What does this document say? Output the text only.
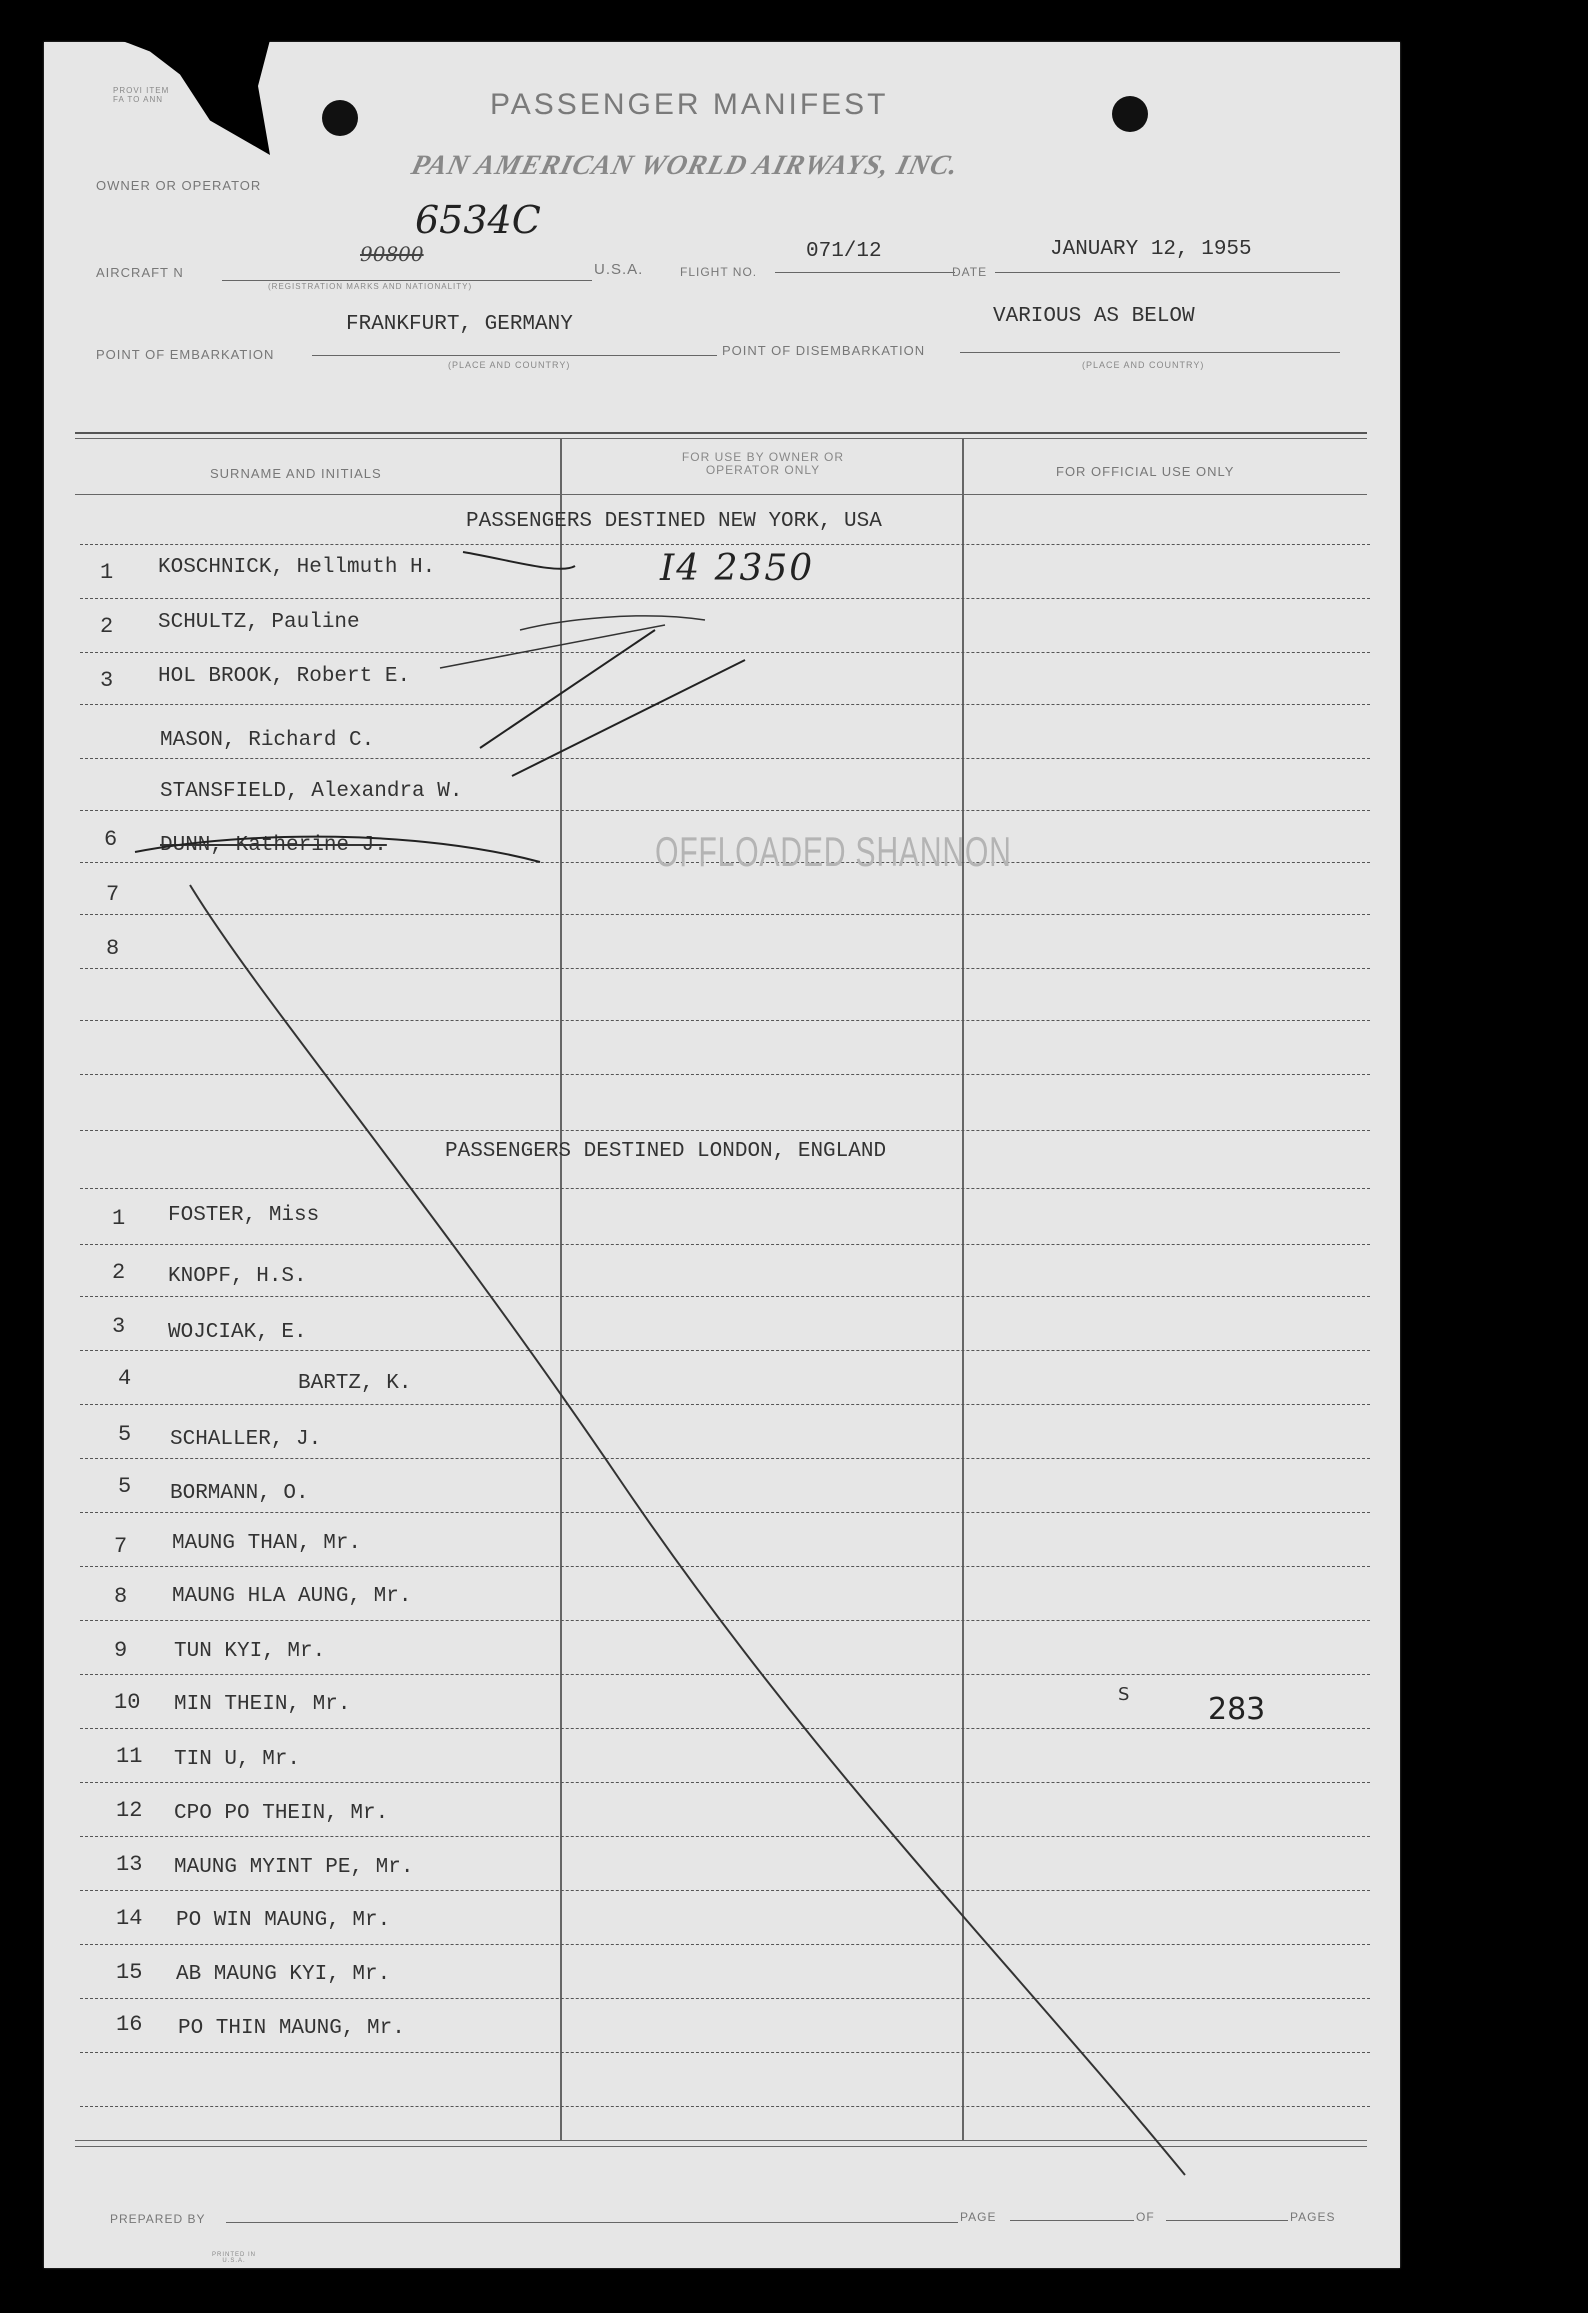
PROVI ITEM FA TO ANN	PASSENGER MANIFEST
PAN AMERICAN WORLD AIRWAYS, INC.
OWNER OR OPERATOR
AIRCRAFT N
6534C
90800
(REGISTRATION MARKS AND NATIONALITY)
U.S.A.	FLIGHT NO.
071/12
DATE
JANUARY 12, 1955
POINT OF EMBARKATION
FRANKFURT, GERMANY
(PLACE AND COUNTRY)
POINT OF DISEMBARKATION
VARIOUS AS BELOW
(PLACE AND COUNTRY)
SURNAME AND INITIALS
FOR USE BY OWNER OR OPERATOR ONLY	FOR OFFICIAL USE ONLY
PASSENGERS DESTINED NEW YORK, USA
1 KOSCHNICK, Hellmuth H.
2 SCHULTZ, Pauline
3 HOL BROOK, Robert E.
MASON, Richard C.
STANSFIELD, Alexandra W.
6 DUNN, Katherine J.
7
8
I4 2350
OFFLOADED SHANNON
PASSENGERS DESTINED LONDON, ENGLAND
1 FOSTER, Miss
2 KNOPF, H.S.
3 WOJCIAK, E.
4	BARTZ, K.
5 SCHALLER, J.
5 BORMANN, O.
7 MAUNG THAN, Mr.
8 MAUNG HLA AUNG, Mr.
9 TUN KYI, Mr.
10 MIN THEIN, Mr.
11 TIN U, Mr.
12 CPO PO THEIN, Mr.
13 MAUNG MYINT PE, Mr.
14 PO WIN MAUNG, Mr.
15 AB MAUNG KYI, Mr.
16 PO THIN MAUNG, Mr.
S	283
PREPARED BY	PAGE	OF	PAGES
PRINTED IN U.S.A.
